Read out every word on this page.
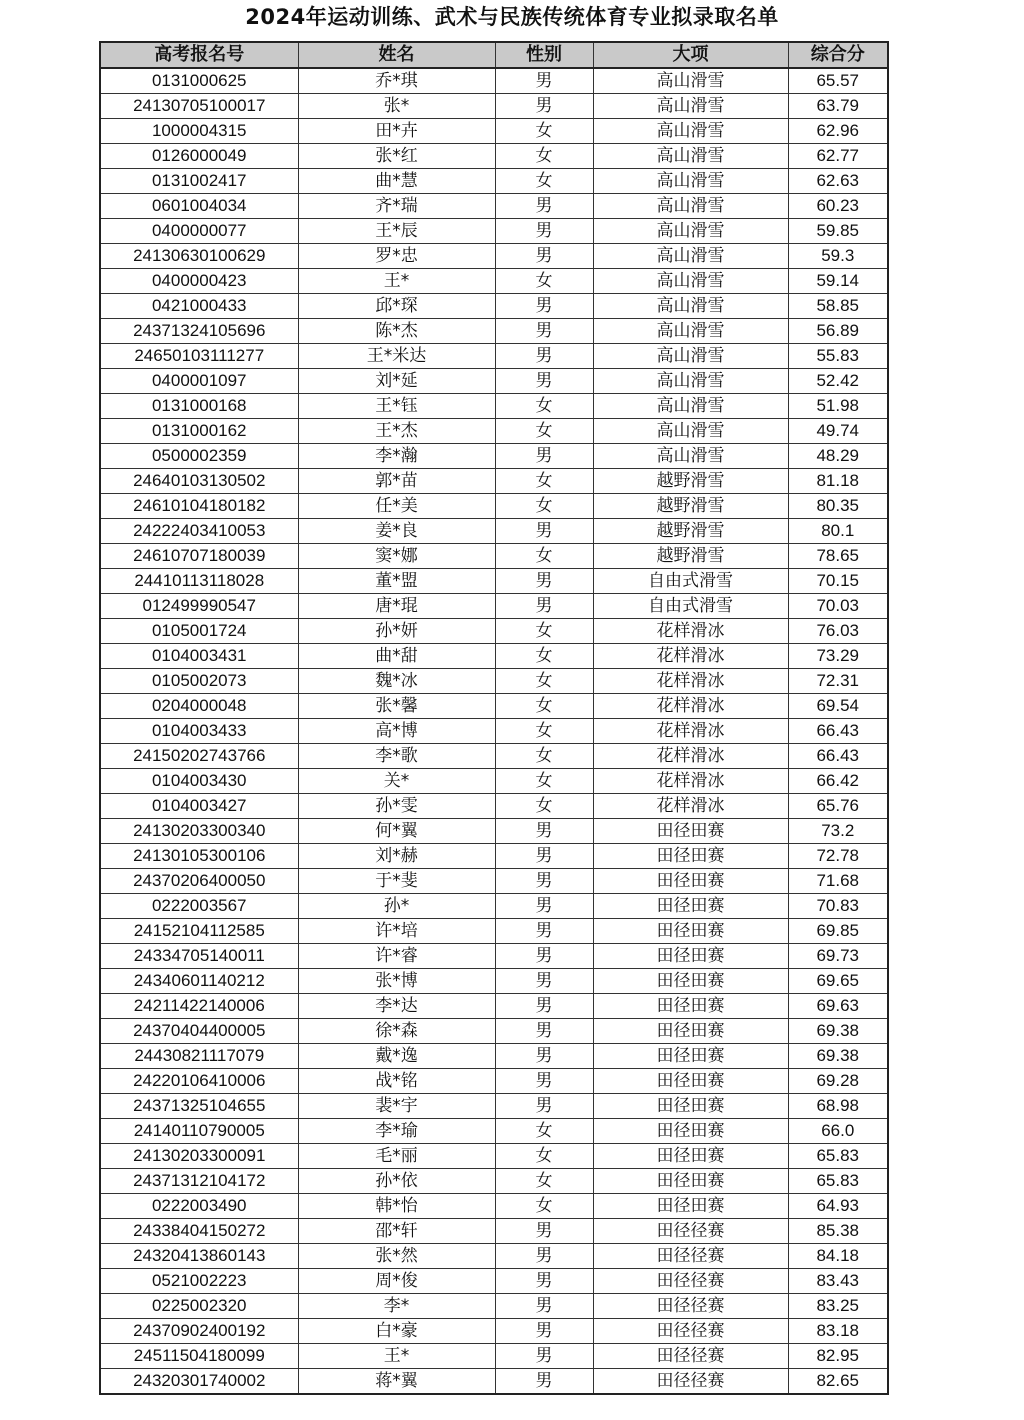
2024年运动训练、武术与民族传统体育专业拟录取名单
高考报名号	姓名	性别	大项	综合分
0131000625	乔*琪	男	高山滑雪	65.57
24130705100017	张*	男	高山滑雪	63.79
1000004315	田*卉	女	高山滑雪	62.96
0126000049	张*红	女	高山滑雪	62.77
0131002417	曲*慧	女	高山滑雪	62.63
0601004034	齐*瑞	男	高山滑雪	60.23
0400000077	王*辰	男	高山滑雪	59.85
24130630100629	罗*忠	男	高山滑雪	59.3
0400000423	王*	女	高山滑雪	59.14
0421000433	邱*琛	男	高山滑雪	58.85
24371324105696	陈*杰	男	高山滑雪	56.89
24650103111277	王*米达	男	高山滑雪	55.83
0400001097	刘*延	男	高山滑雪	52.42
0131000168	王*钰	女	高山滑雪	51.98
0131000162	王*杰	女	高山滑雪	49.74
0500002359	李*瀚	男	高山滑雪	48.29
24640103130502	郭*苗	女	越野滑雪	81.18
24610104180182	任*美	女	越野滑雪	80.35
24222403410053	姜*良	男	越野滑雪	80.1
24610707180039	窦*娜	女	越野滑雪	78.65
24410113118028	董*盟	男	自由式滑雪	70.15
012499990547	唐*琨	男	自由式滑雪	70.03
0105001724	孙*妍	女	花样滑冰	76.03
0104003431	曲*甜	女	花样滑冰	73.29
0105002073	魏*冰	女	花样滑冰	72.31
0204000048	张*馨	女	花样滑冰	69.54
0104003433	高*博	女	花样滑冰	66.43
24150202743766	李*歌	女	花样滑冰	66.43
0104003430	关*	女	花样滑冰	66.42
0104003427	孙*雯	女	花样滑冰	65.76
24130203300340	何*翼	男	田径田赛	73.2
24130105300106	刘*赫	男	田径田赛	72.78
24370206400050	于*斐	男	田径田赛	71.68
0222003567	孙*	男	田径田赛	70.83
24152104112585	许*培	男	田径田赛	69.85
24334705140011	许*睿	男	田径田赛	69.73
24340601140212	张*博	男	田径田赛	69.65
24211422140006	李*达	男	田径田赛	69.63
24370404400005	徐*森	男	田径田赛	69.38
24430821117079	戴*逸	男	田径田赛	69.38
24220106410006	战*铭	男	田径田赛	69.28
24371325104655	裴*宇	男	田径田赛	68.98
24140110790005	李*瑜	女	田径田赛	66.0
24130203300091	毛*丽	女	田径田赛	65.83
24371312104172	孙*依	女	田径田赛	65.83
0222003490	韩*怡	女	田径田赛	64.93
24338404150272	邵*轩	男	田径径赛	85.38
24320413860143	张*然	男	田径径赛	84.18
0521002223	周*俊	男	田径径赛	83.43
0225002320	李*	男	田径径赛	83.25
24370902400192	白*豪	男	田径径赛	83.18
24511504180099	王*	男	田径径赛	82.95
24320301740002	蒋*翼	男	田径径赛	82.65
